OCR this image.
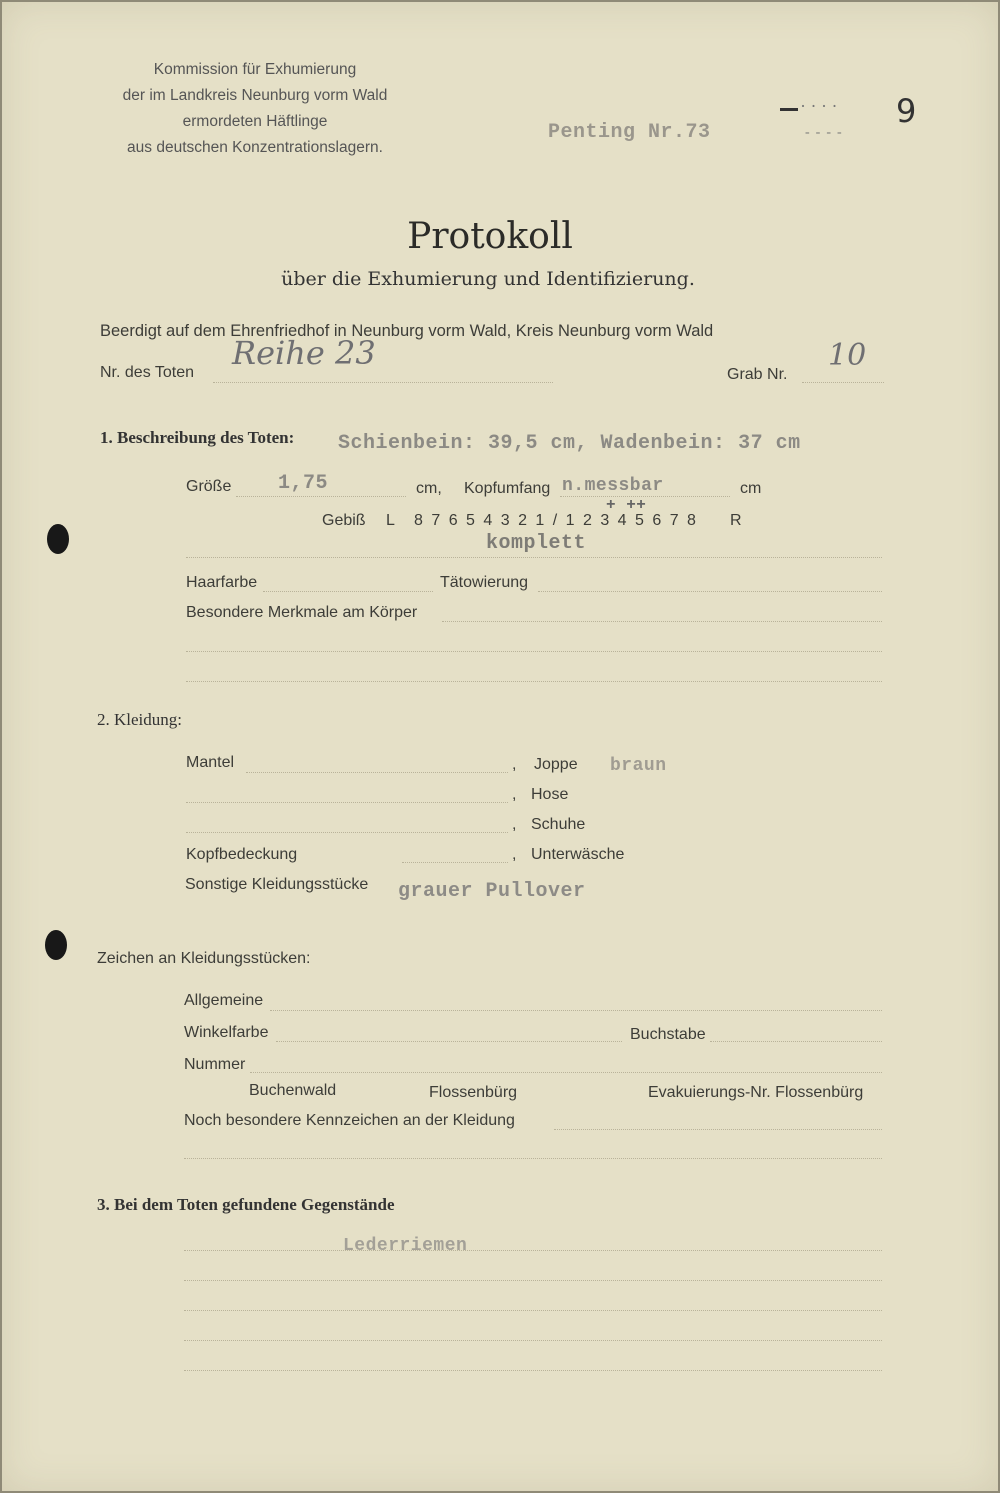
Kommission für Exhumierung
der im Landkreis Neunburg vorm Wald
ermordeten Häftlinge
aus deutschen Konzentrationslagern.
Penting Nr.73
· · · ·
----
9
Protokoll
über die Exhumierung und Identifizierung.
Beerdigt auf dem Ehrenfriedhof in Neunburg vorm Wald, Kreis Neunburg vorm Wald
Nr. des Toten
Reihe 23
Grab Nr.
10
1. Beschreibung des Toten: Schienbein: 39,5 cm, Wadenbein: 37 cm
Größe 1,75	cm, Kopfumfang n.messbar	cm
Gebiß L 8 7 6 5 4 3 2 1 / 1 2 3 4 5 6 7 8 R
+ ++
komplett
Haarfarbe	Tätowierung
Besondere Merkmale am Körper
2. Kleidung:
Mantel	, Joppe braun
, Hose
, Schuhe
Kopfbedeckung	, Unterwäsche
Sonstige Kleidungsstücke grauer Pullover
Zeichen an Kleidungsstücken:
Allgemeine
Winkelfarbe	Buchstabe
Nummer
Buchenwald	Flossenbürg	Evakuierungs-Nr. Flossenbürg
Noch besondere Kennzeichen an der Kleidung
3. Bei dem Toten gefundene Gegenstände
Lederriemen
